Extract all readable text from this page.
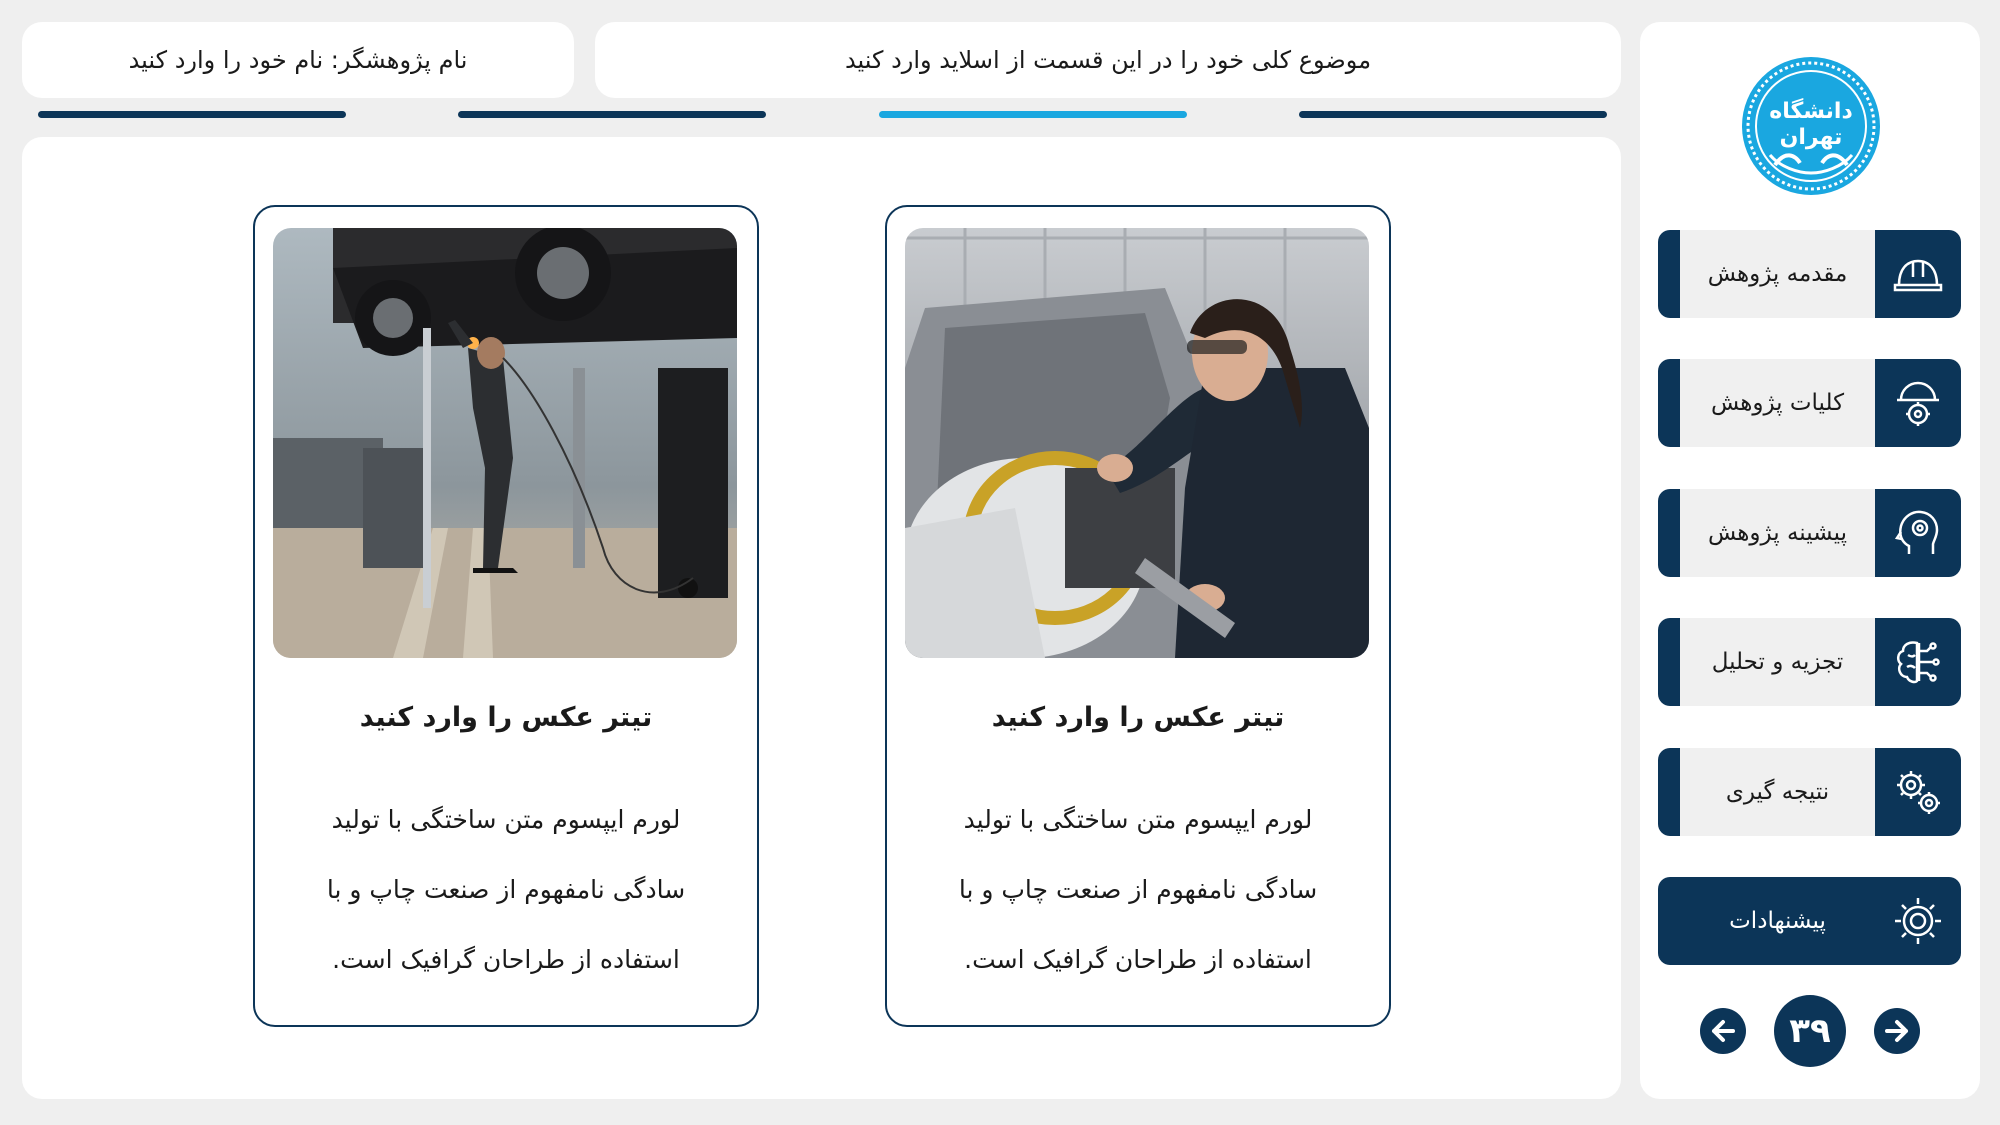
نام پژوهشگر: نام خود را وارد کنید	موضوع کلی خود را در این قسمت از اسلاید وارد کنید
تیتر عکس را وارد کنید
لورم ایپسوم متن ساختگی با تولید
سادگی نامفهوم از صنعت چاپ و با
استفاده از طراحان گرافیک است.
تیتر عکس را وارد کنید
لورم ایپسوم متن ساختگی با تولید
سادگی نامفهوم از صنعت چاپ و با
استفاده از طراحان گرافیک است.
دانشگاه تهران
مقدمه پژوهش
کلیات پژوهش
پیشینه پژوهش
تجزیه و تحلیل
نتیجه گیری
پیشنهادات
۳۹
